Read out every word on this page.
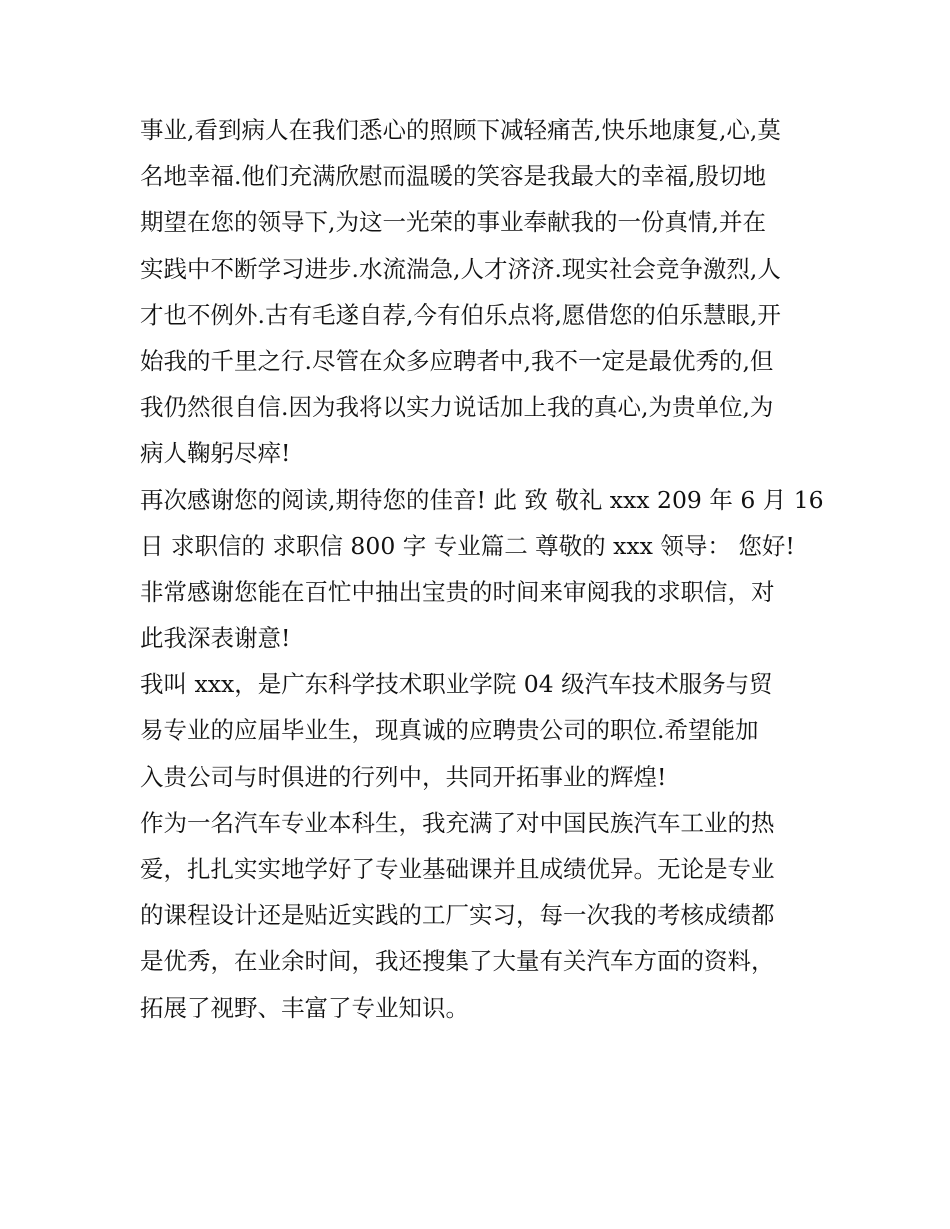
事业,看到病人在我们悉心的照顾下减轻痛苦,快乐地康复,心,莫
名地幸福.他们充满欣慰而温暖的笑容是我最大的幸福,殷切地
期望在您的领导下,为这一光荣的事业奉献我的一份真情,并在
实践中不断学习进步.水流湍急,人才济济.现实社会竞争激烈,人
才也不例外.古有毛遂自荐,今有伯乐点将,愿借您的伯乐慧眼,开
始我的千里之行.尽管在众多应聘者中,我不一定是最优秀的,但
我仍然很自信.因为我将以实力说话加上我的真心,为贵单位,为
病人鞠躬尽瘁!
再次感谢您的阅读,期待您的佳音! 此 致 敬礼 xxx 209 年 6 月 16
日 求职信的 求职信 800 字 专业篇二 尊敬的 xxx 领导： 您好!
非常感谢您能在百忙中抽出宝贵的时间来审阅我的求职信，对
此我深表谢意!
我叫 xxx，是广东科学技术职业学院 04 级汽车技术服务与贸
易专业的应届毕业生，现真诚的应聘贵公司的职位.希望能加
入贵公司与时俱进的行列中，共同开拓事业的辉煌!
作为一名汽车专业本科生，我充满了对中国民族汽车工业的热
爱，扎扎实实地学好了专业基础课并且成绩优异。无论是专业
的课程设计还是贴近实践的工厂实习，每一次我的考核成绩都
是优秀，在业余时间，我还搜集了大量有关汽车方面的资料，
拓展了视野、丰富了专业知识。
